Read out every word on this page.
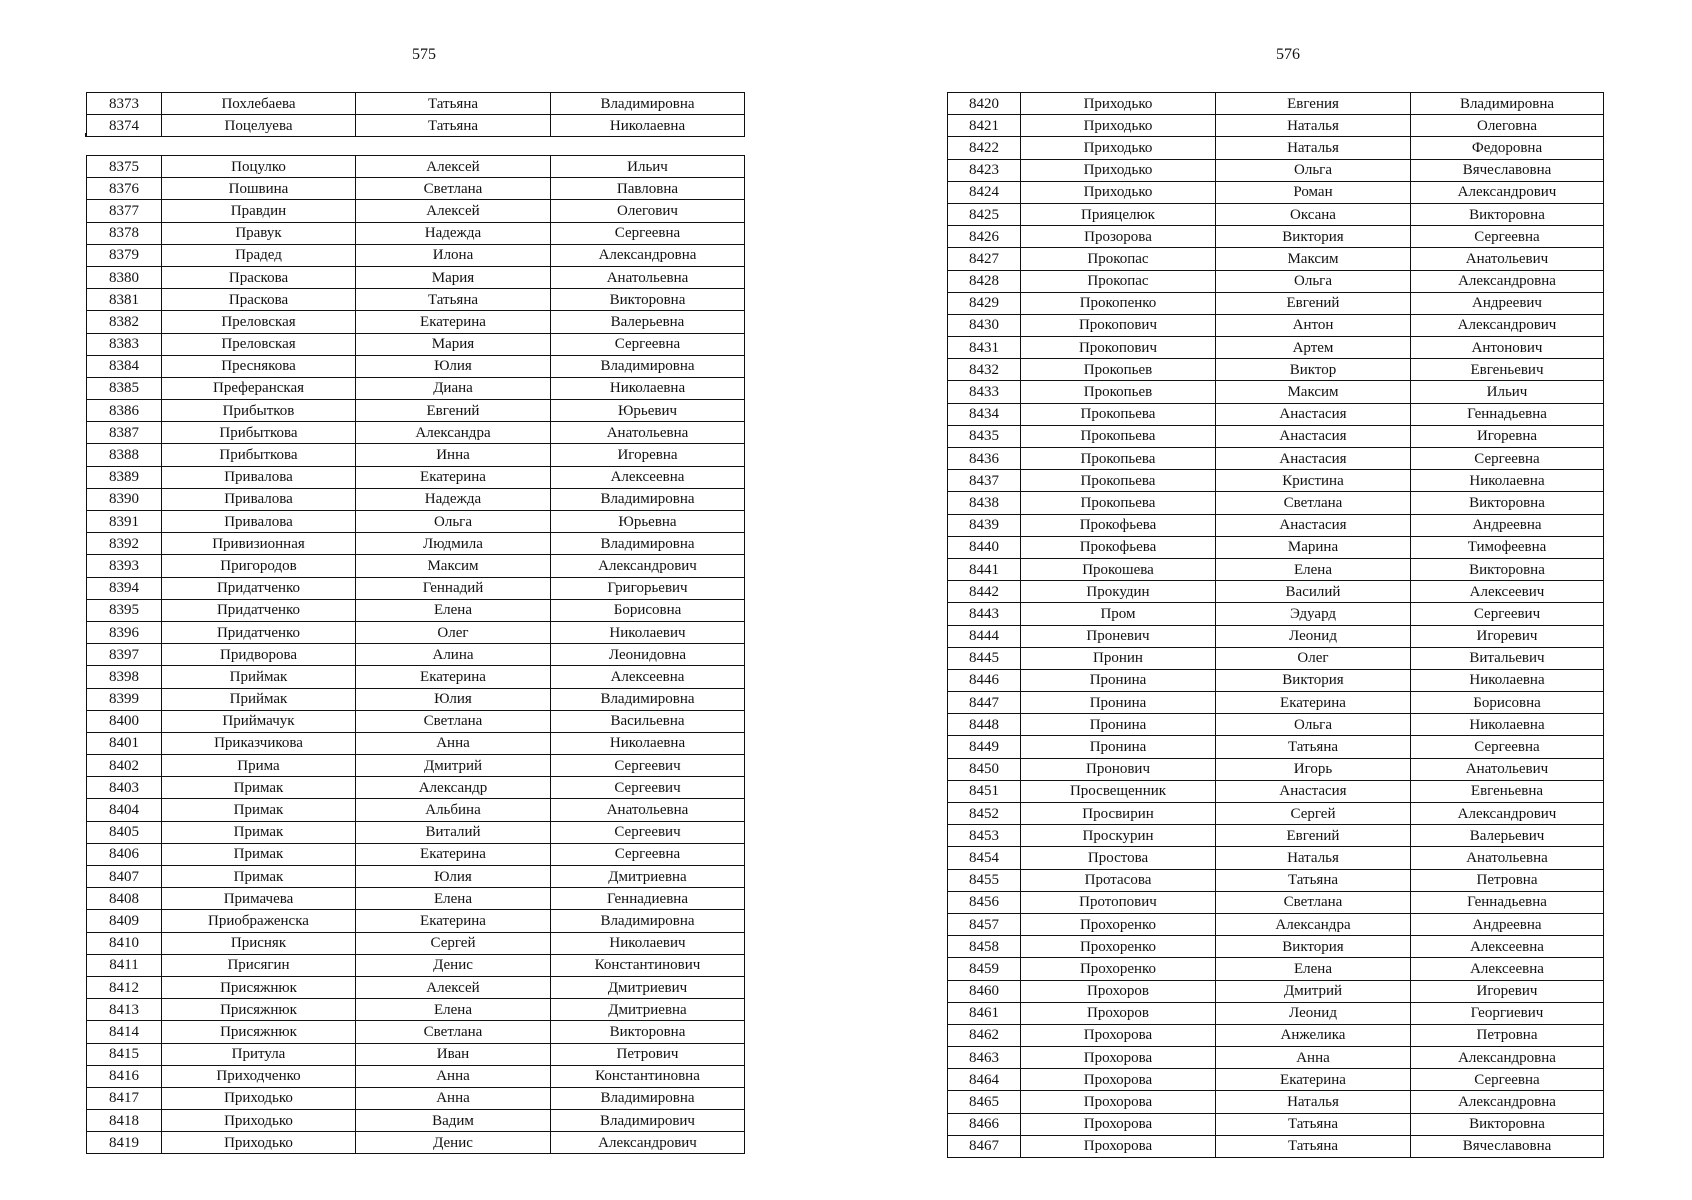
575	576
8373	Похлебаева	Татьяна	Владимировна
8374	Поцелуева	Татьяна	Николаевна
8375	Поцулко	Алексей	Ильич
8376	Пошвина	Светлана	Павловна
8377	Правдин	Алексей	Олегович
8378	Правук	Надежда	Сергеевна
8379	Прадед	Илона	Александровна
8380	Праскова	Мария	Анатольевна
8381	Праскова	Татьяна	Викторовна
8382	Преловская	Екатерина	Валерьевна
8383	Преловская	Мария	Сергеевна
8384	Преснякова	Юлия	Владимировна
8385	Преферанская	Диана	Николаевна
8386	Прибытков	Евгений	Юрьевич
8387	Прибыткова	Александра	Анатольевна
8388	Прибыткова	Инна	Игоревна
8389	Привалова	Екатерина	Алексеевна
8390	Привалова	Надежда	Владимировна
8391	Привалова	Ольга	Юрьевна
8392	Привизионная	Людмила	Владимировна
8393	Пригородов	Максим	Александрович
8394	Придатченко	Геннадий	Григорьевич
8395	Придатченко	Елена	Борисовна
8396	Придатченко	Олег	Николаевич
8397	Придворова	Алина	Леонидовна
8398	Приймак	Екатерина	Алексеевна
8399	Приймак	Юлия	Владимировна
8400	Приймачук	Светлана	Васильевна
8401	Приказчикова	Анна	Николаевна
8402	Прима	Дмитрий	Сергеевич
8403	Примак	Александр	Сергеевич
8404	Примак	Альбина	Анатольевна
8405	Примак	Виталий	Сергеевич
8406	Примак	Екатерина	Сергеевна
8407	Примак	Юлия	Дмитриевна
8408	Примачева	Елена	Геннадиевна
8409	Приображенска	Екатерина	Владимировна
8410	Присняк	Сергей	Николаевич
8411	Присягин	Денис	Константинович
8412	Присяжнюк	Алексей	Дмитриевич
8413	Присяжнюк	Елена	Дмитриевна
8414	Присяжнюк	Светлана	Викторовна
8415	Притула	Иван	Петрович
8416	Приходченко	Анна	Константиновна
8417	Приходько	Анна	Владимировна
8418	Приходько	Вадим	Владимирович
8419	Приходько	Денис	Александрович
8420	Приходько	Евгения	Владимировна
8421	Приходько	Наталья	Олеговна
8422	Приходько	Наталья	Федоровна
8423	Приходько	Ольга	Вячеславовна
8424	Приходько	Роман	Александрович
8425	Прияцелюк	Оксана	Викторовна
8426	Прозорова	Виктория	Сергеевна
8427	Прокопас	Максим	Анатольевич
8428	Прокопас	Ольга	Александровна
8429	Прокопенко	Евгений	Андреевич
8430	Прокопович	Антон	Александрович
8431	Прокопович	Артем	Антонович
8432	Прокопьев	Виктор	Евгеньевич
8433	Прокопьев	Максим	Ильич
8434	Прокопьева	Анастасия	Геннадьевна
8435	Прокопьева	Анастасия	Игоревна
8436	Прокопьева	Анастасия	Сергеевна
8437	Прокопьева	Кристина	Николаевна
8438	Прокопьева	Светлана	Викторовна
8439	Прокофьева	Анастасия	Андреевна
8440	Прокофьева	Марина	Тимофеевна
8441	Прокошева	Елена	Викторовна
8442	Прокудин	Василий	Алексеевич
8443	Пром	Эдуард	Сергеевич
8444	Проневич	Леонид	Игоревич
8445	Пронин	Олег	Витальевич
8446	Пронина	Виктория	Николаевна
8447	Пронина	Екатерина	Борисовна
8448	Пронина	Ольга	Николаевна
8449	Пронина	Татьяна	Сергеевна
8450	Пронович	Игорь	Анатольевич
8451	Просвещенник	Анастасия	Евгеньевна
8452	Просвирин	Сергей	Александрович
8453	Проскурин	Евгений	Валерьевич
8454	Простова	Наталья	Анатольевна
8455	Протасова	Татьяна	Петровна
8456	Протопович	Светлана	Геннадьевна
8457	Прохоренко	Александра	Андреевна
8458	Прохоренко	Виктория	Алексеевна
8459	Прохоренко	Елена	Алексеевна
8460	Прохоров	Дмитрий	Игоревич
8461	Прохоров	Леонид	Георгиевич
8462	Прохорова	Анжелика	Петровна
8463	Прохорова	Анна	Александровна
8464	Прохорова	Екатерина	Сергеевна
8465	Прохорова	Наталья	Александровна
8466	Прохорова	Татьяна	Викторовна
8467	Прохорова	Татьяна	Вячеславовна
